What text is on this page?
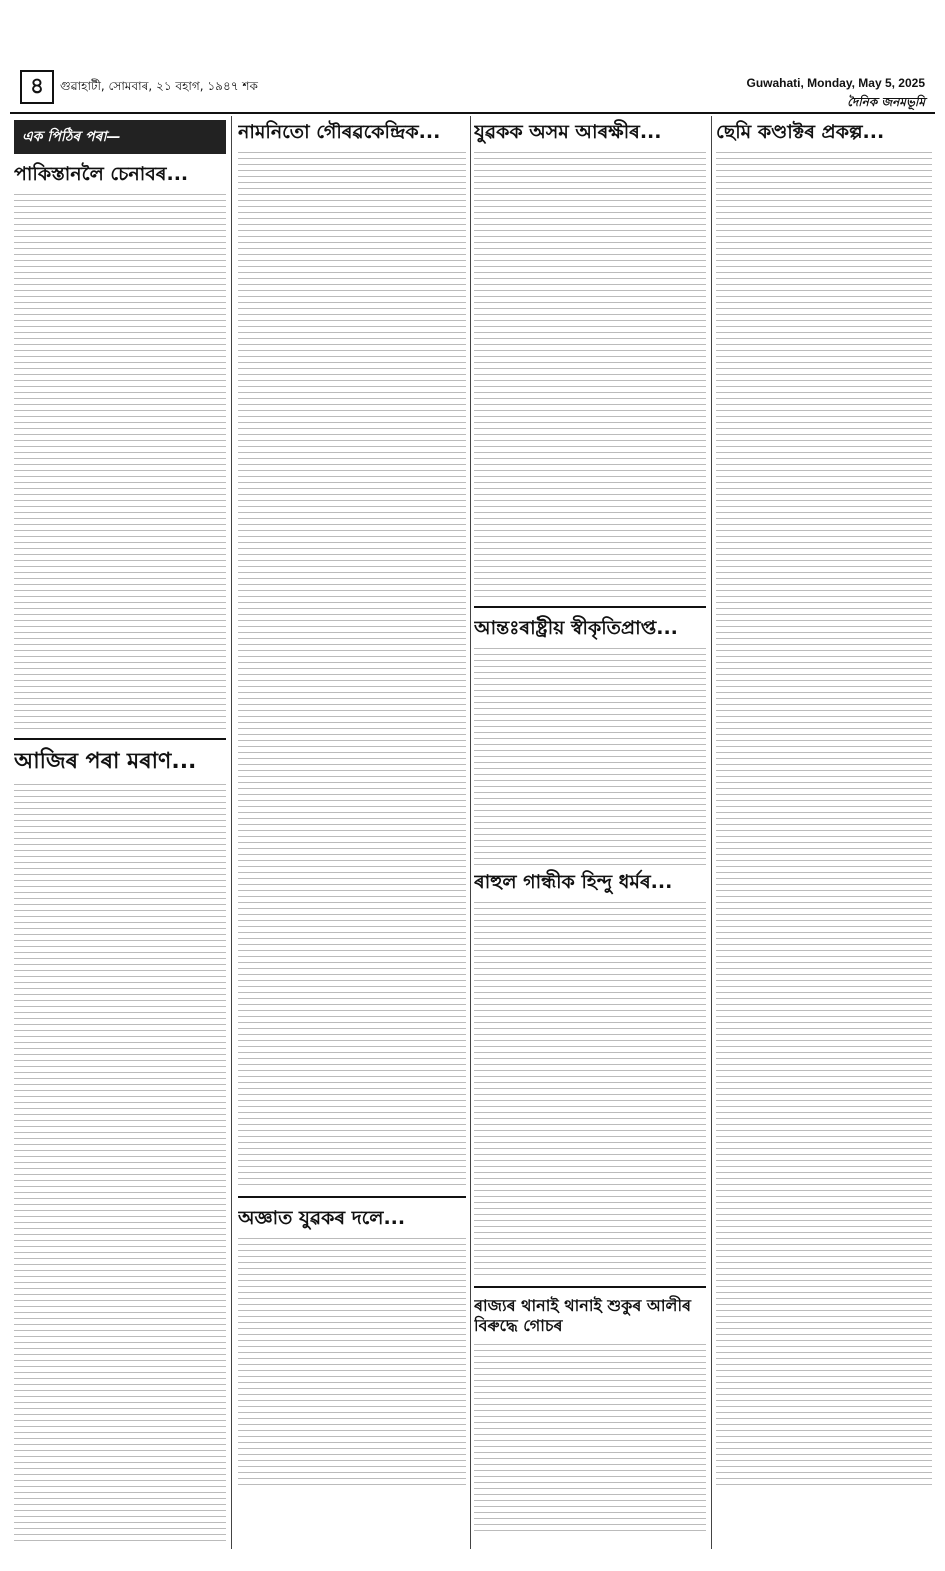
৪	গুৱাহাটী, সোমবাৰ, ২১ বহাগ, ১৯৪৭ শক	Guwahati, Monday, May 5, 2025
দৈনিক জনমভূমি
এক পিঠিৰ পৰা—
পাকিস্তানলৈ চেনাবৰ...
আজিৰ পৰা মৰাণ...
নামনিতো গৌৰৱকেন্দ্ৰিক...
অজ্ঞাত যুৱকৰ দলে...
যুৱকক অসম আৰক্ষীৰ...
আন্তঃৰাষ্ট্ৰীয় স্বীকৃতিপ্ৰাপ্ত...
ৰাহুল গান্ধীক হিন্দু ধৰ্মৰ...
ৰাজ্যৰ থানাই থানাই শুকুৰ আলীৰ বিৰুদ্ধে গোচৰ
ছেমি কণ্ডাক্টৰ প্ৰকল্প...
